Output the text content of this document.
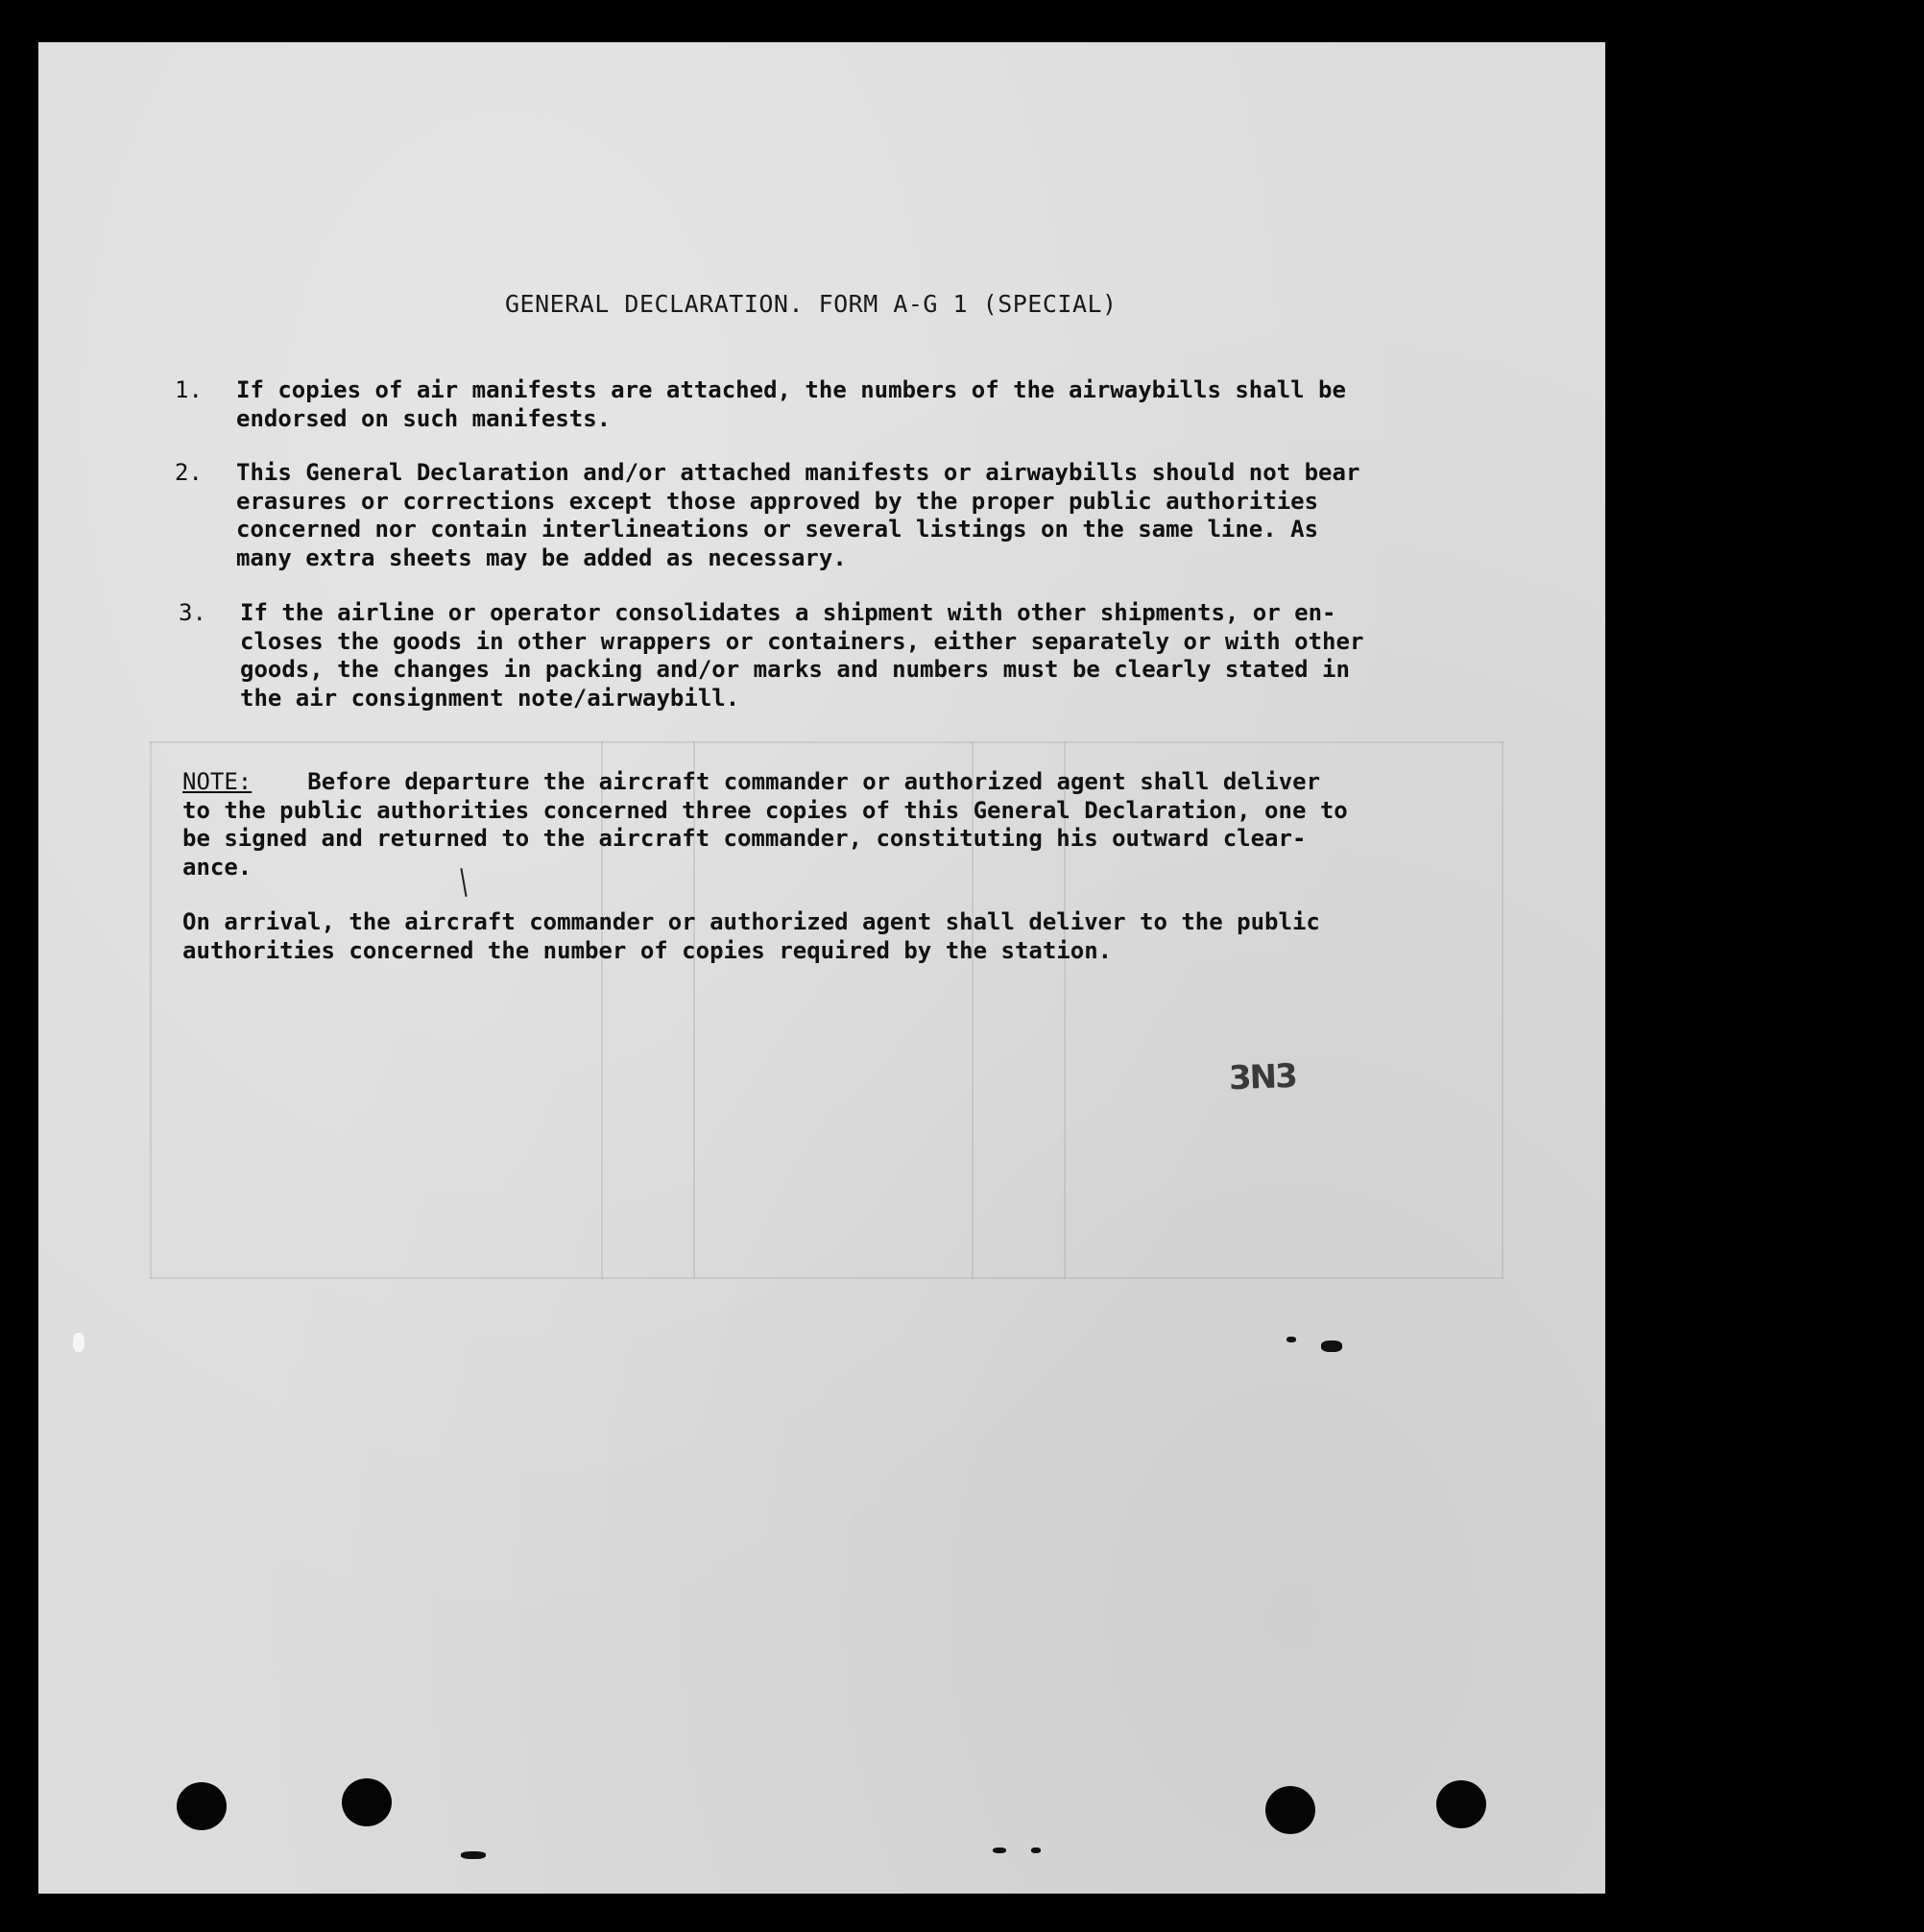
GENERAL DECLARATION. FORM A-G 1 (SPECIAL)
1. If copies of air manifests are attached, the numbers of the airwaybills shall be
endorsed on such manifests.
2. This General Declaration and/or attached manifests or airwaybills should not bear
erasures or corrections except those approved by the proper public authorities
concerned nor contain interlineations or several listings on the same line. As
many extra sheets may be added as necessary.
3. If the airline or operator consolidates a shipment with other shipments, or en-
closes the goods in other wrappers or containers, either separately or with other
goods, the changes in packing and/or marks and numbers must be clearly stated in
the air consignment note/airwaybill.
NOTE: Before departure the aircraft commander or authorized agent shall deliver
to the public authorities concerned three copies of this General Declaration, one to
be signed and returned to the aircraft commander, constituting his outward clear-
ance.
On arrival, the aircraft commander or authorized agent shall deliver to the public
authorities concerned the number of copies required by the station.
3N3
